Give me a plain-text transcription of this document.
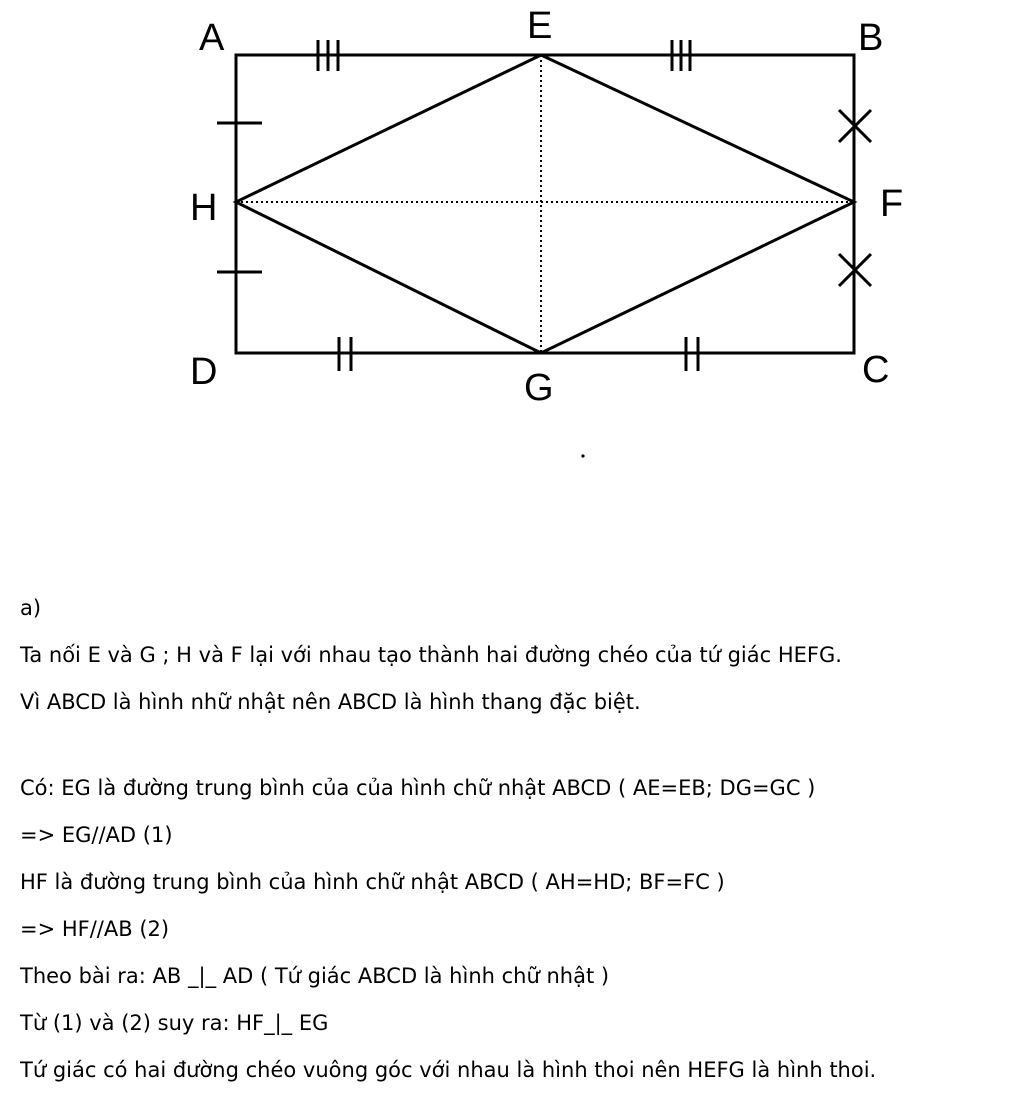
A	E	B
H	F
D	G	C
a)
Ta nối E và G ; H và F lại với nhau tạo thành hai đường chéo của tứ giác HEFG.
Vì ABCD là hình nhữ nhật nên ABCD là hình thang đặc biệt.
Có: EG là đường trung bình của của hình chữ nhật ABCD ( AE=EB; DG=GC )
=> EG//AD (1)
HF là đường trung bình của hình chữ nhật ABCD ( AH=HD; BF=FC )
=> HF//AB (2)
Theo bài ra: AB _|_ AD ( Tứ giác ABCD là hình chữ nhật )
Từ (1) và (2) suy ra: HF_|_ EG
Tứ giác có hai đường chéo vuông góc với nhau là hình thoi nên HEFG là hình thoi.
